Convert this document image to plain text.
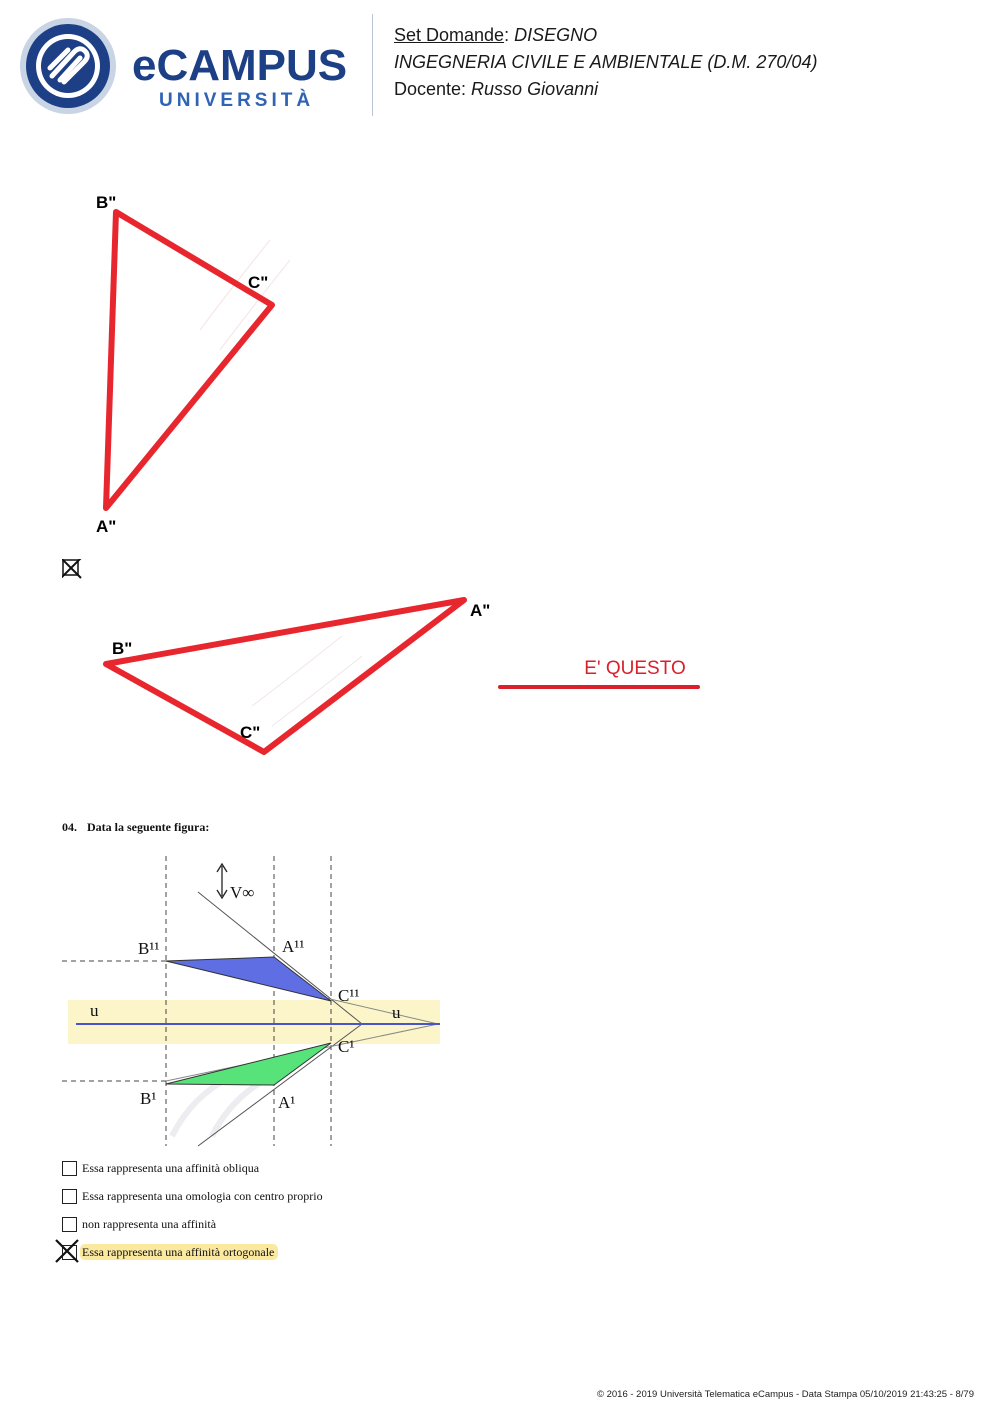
eCAMPUS
UNIVERSITÀ
Set Domande: DISEGNO
INGEGNERIA CIVILE E AMBIENTALE (D.M. 270/04)
Docente: Russo Giovanni
B"
C"
A"
B"
A"
C"
E' QUESTO
04. Data la seguente figura:
V∞
B¹¹	A¹¹
C¹¹
u	u
C¹
B¹	A¹
Essa rappresenta una affinità obliqua
Essa rappresenta una omologia con centro proprio
non rappresenta una affinità
Essa rappresenta una affinità ortogonale
© 2016 - 2019 Università Telematica eCampus - Data Stampa 05/10/2019 21:43:25 - 8/79
